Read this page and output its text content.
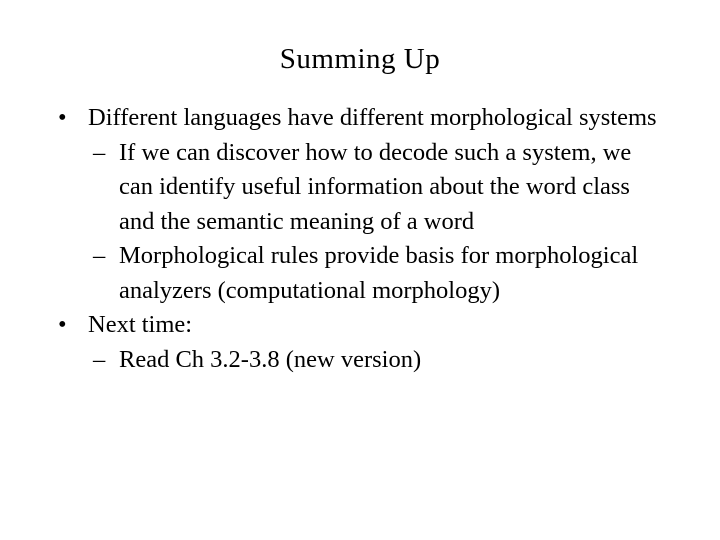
Summing Up
• Different languages have different morphological systems
– If we can discover how to decode such a system, we can identify useful information about the word class and the semantic meaning of a word
– Morphological rules provide basis for morphological analyzers (computational morphology)
• Next time:
– Read Ch 3.2-3.8 (new version)
